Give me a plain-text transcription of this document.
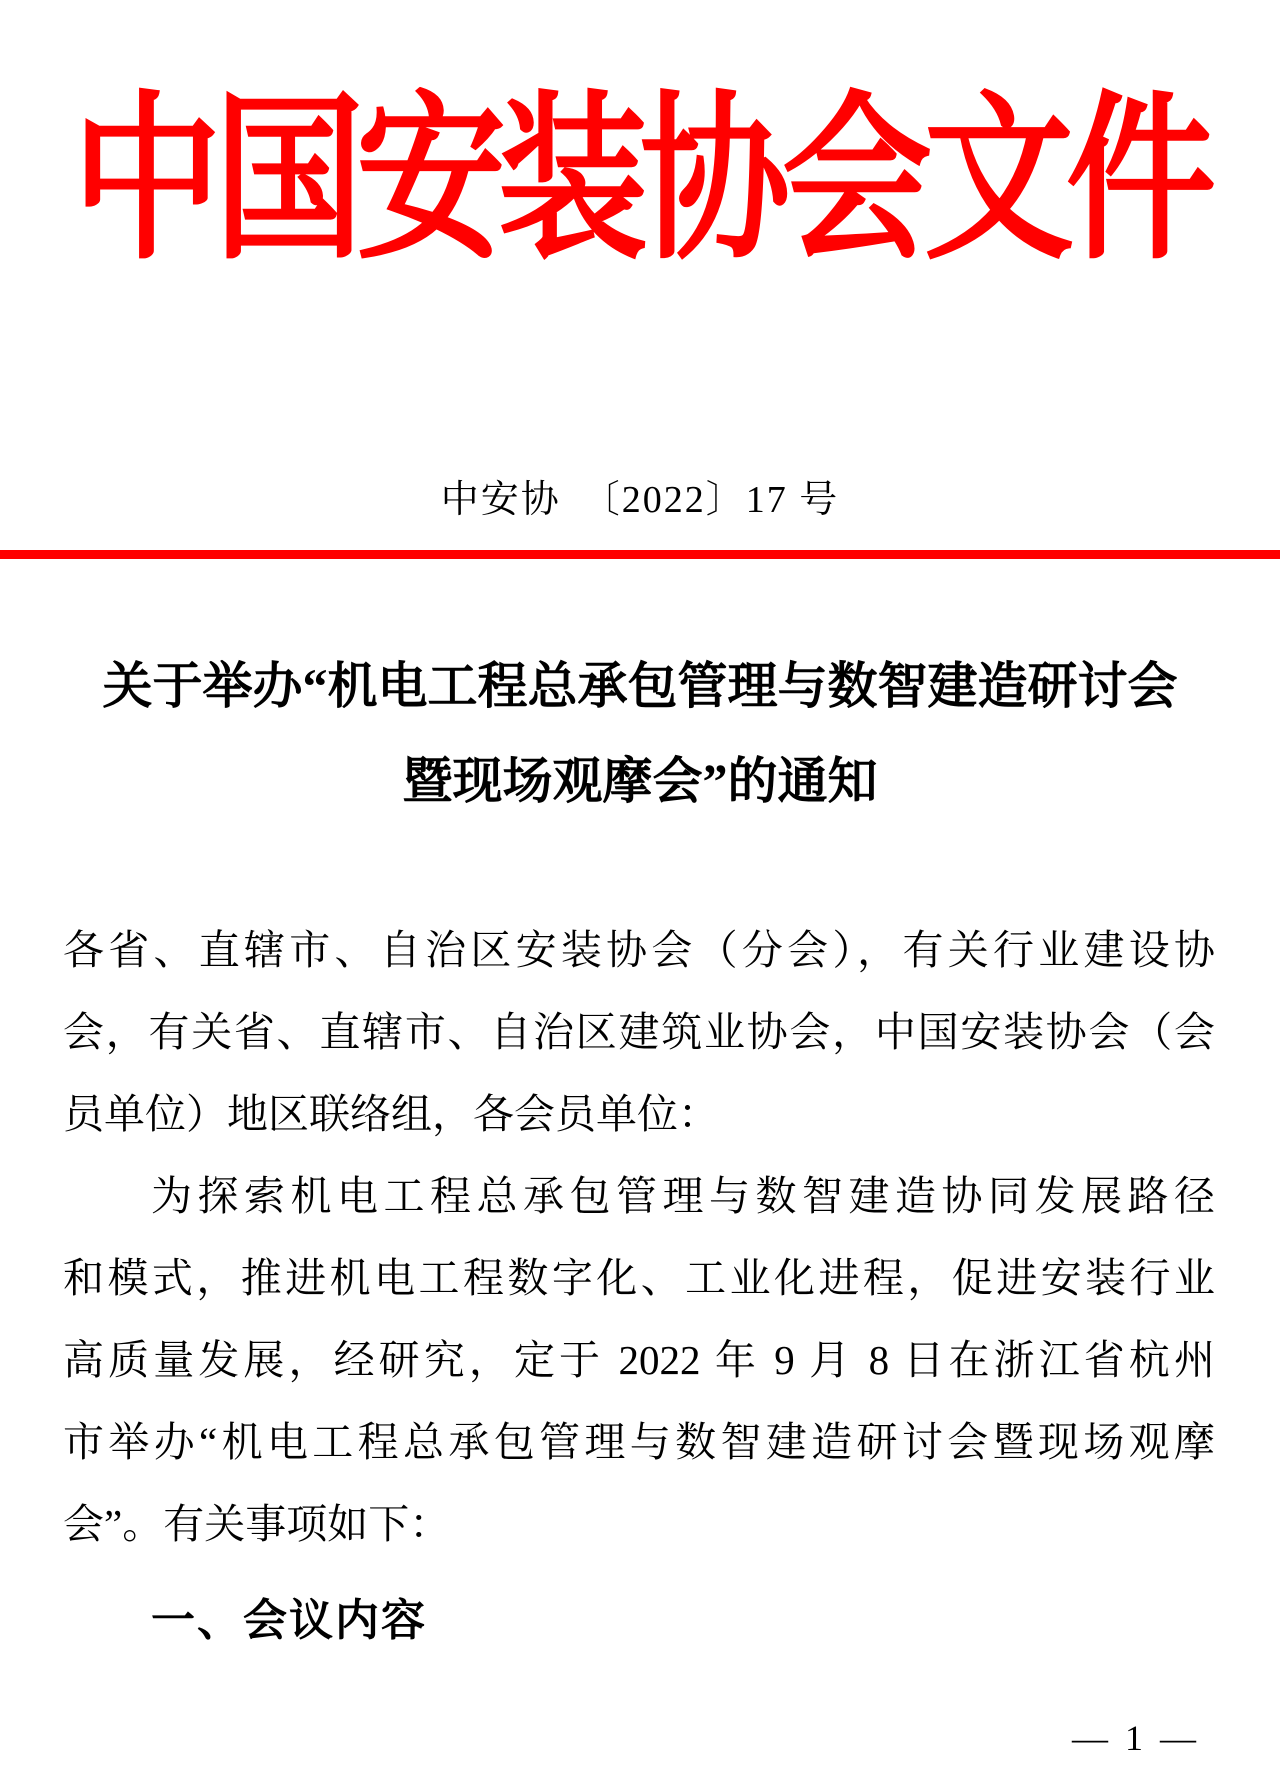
中国安装协会文件
中安协　〔2022〕17 号
关于举办“机电工程总承包管理与数智建造研讨会
暨现场观摩会”的通知
各省、直辖市、自治区安装协会（分会），有关行业建设协
会，有关省、直辖市、自治区建筑业协会，中国安装协会（会
员单位）地区联络组，各会员单位：
为探索机电工程总承包管理与数智建造协同发展路径
和模式，推进机电工程数字化、工业化进程，促进安装行业
高质量发展，经研究，定于 2022 年 9 月 8 日在浙江省杭州
市举办“机电工程总承包管理与数智建造研讨会暨现场观摩
会”。有关事项如下：
一、会议内容
— 1 —
